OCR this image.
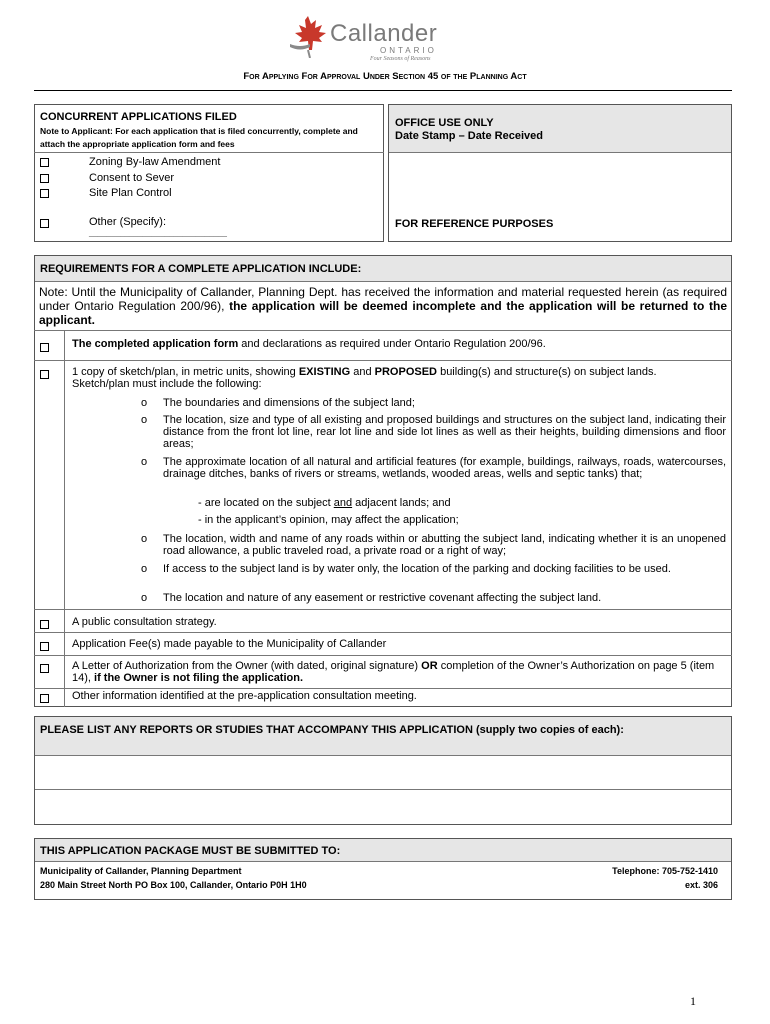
Callander
ONTARIO
Four Seasons of Reasons
For Applying For Approval Under Section 45 of the Planning Act
CONCURRENT APPLICATIONS FILED
Note to Applicant: For each application that is filed concurrently, complete and attach the appropriate application form and fees
Zoning By-law Amendment
Consent to Sever
Site Plan Control
Other (Specify):
_______________________________
OFFICE USE ONLY
Date Stamp – Date Received
FOR REFERENCE PURPOSES
REQUIREMENTS FOR A COMPLETE APPLICATION INCLUDE:
Note: Until the Municipality of Callander, Planning Dept. has received the information and material requested herein (as required under Ontario Regulation 200/96), the application will be deemed incomplete and the application will be returned to the applicant.
The completed application form and declarations as required under Ontario Regulation 200/96.
1 copy of sketch/plan, in metric units, showing EXISTING and PROPOSED building(s) and structure(s) on subject lands. Sketch/plan must include the following:
o The boundaries and dimensions of the subject land;
o The location, size and type of all existing and proposed buildings and structures on the subject land, indicating their distance from the front lot line, rear lot line and side lot lines as well as their heights, building dimensions and floor areas;
o The approximate location of all natural and artificial features (for example, buildings, railways, roads, watercourses, drainage ditches, banks of rivers or streams, wetlands, wooded areas, wells and septic tanks) that;
- are located on the subject and adjacent lands; and
- in the applicant’s opinion, may affect the application;
o The location, width and name of any roads within or abutting the subject land, indicating whether it is an unopened road allowance, a public traveled road, a private road or a right of way;
o If access to the subject land is by water only, the location of the parking and docking facilities to be used.
o The location and nature of any easement or restrictive covenant affecting the subject land.
A public consultation strategy.
Application Fee(s) made payable to the Municipality of Callander
A Letter of Authorization from the Owner (with dated, original signature) OR completion of the Owner’s Authorization on page 5 (item 14), if the Owner is not filing the application.
Other information identified at the pre-application consultation meeting.
PLEASE LIST ANY REPORTS OR STUDIES THAT ACCOMPANY THIS APPLICATION (supply two copies of each):
THIS APPLICATION PACKAGE MUST BE SUBMITTED TO:
Municipality of Callander, Planning Department
280 Main Street North PO Box 100, Callander, Ontario P0H 1H0
Telephone: 705-752-1410
ext. 306
1
